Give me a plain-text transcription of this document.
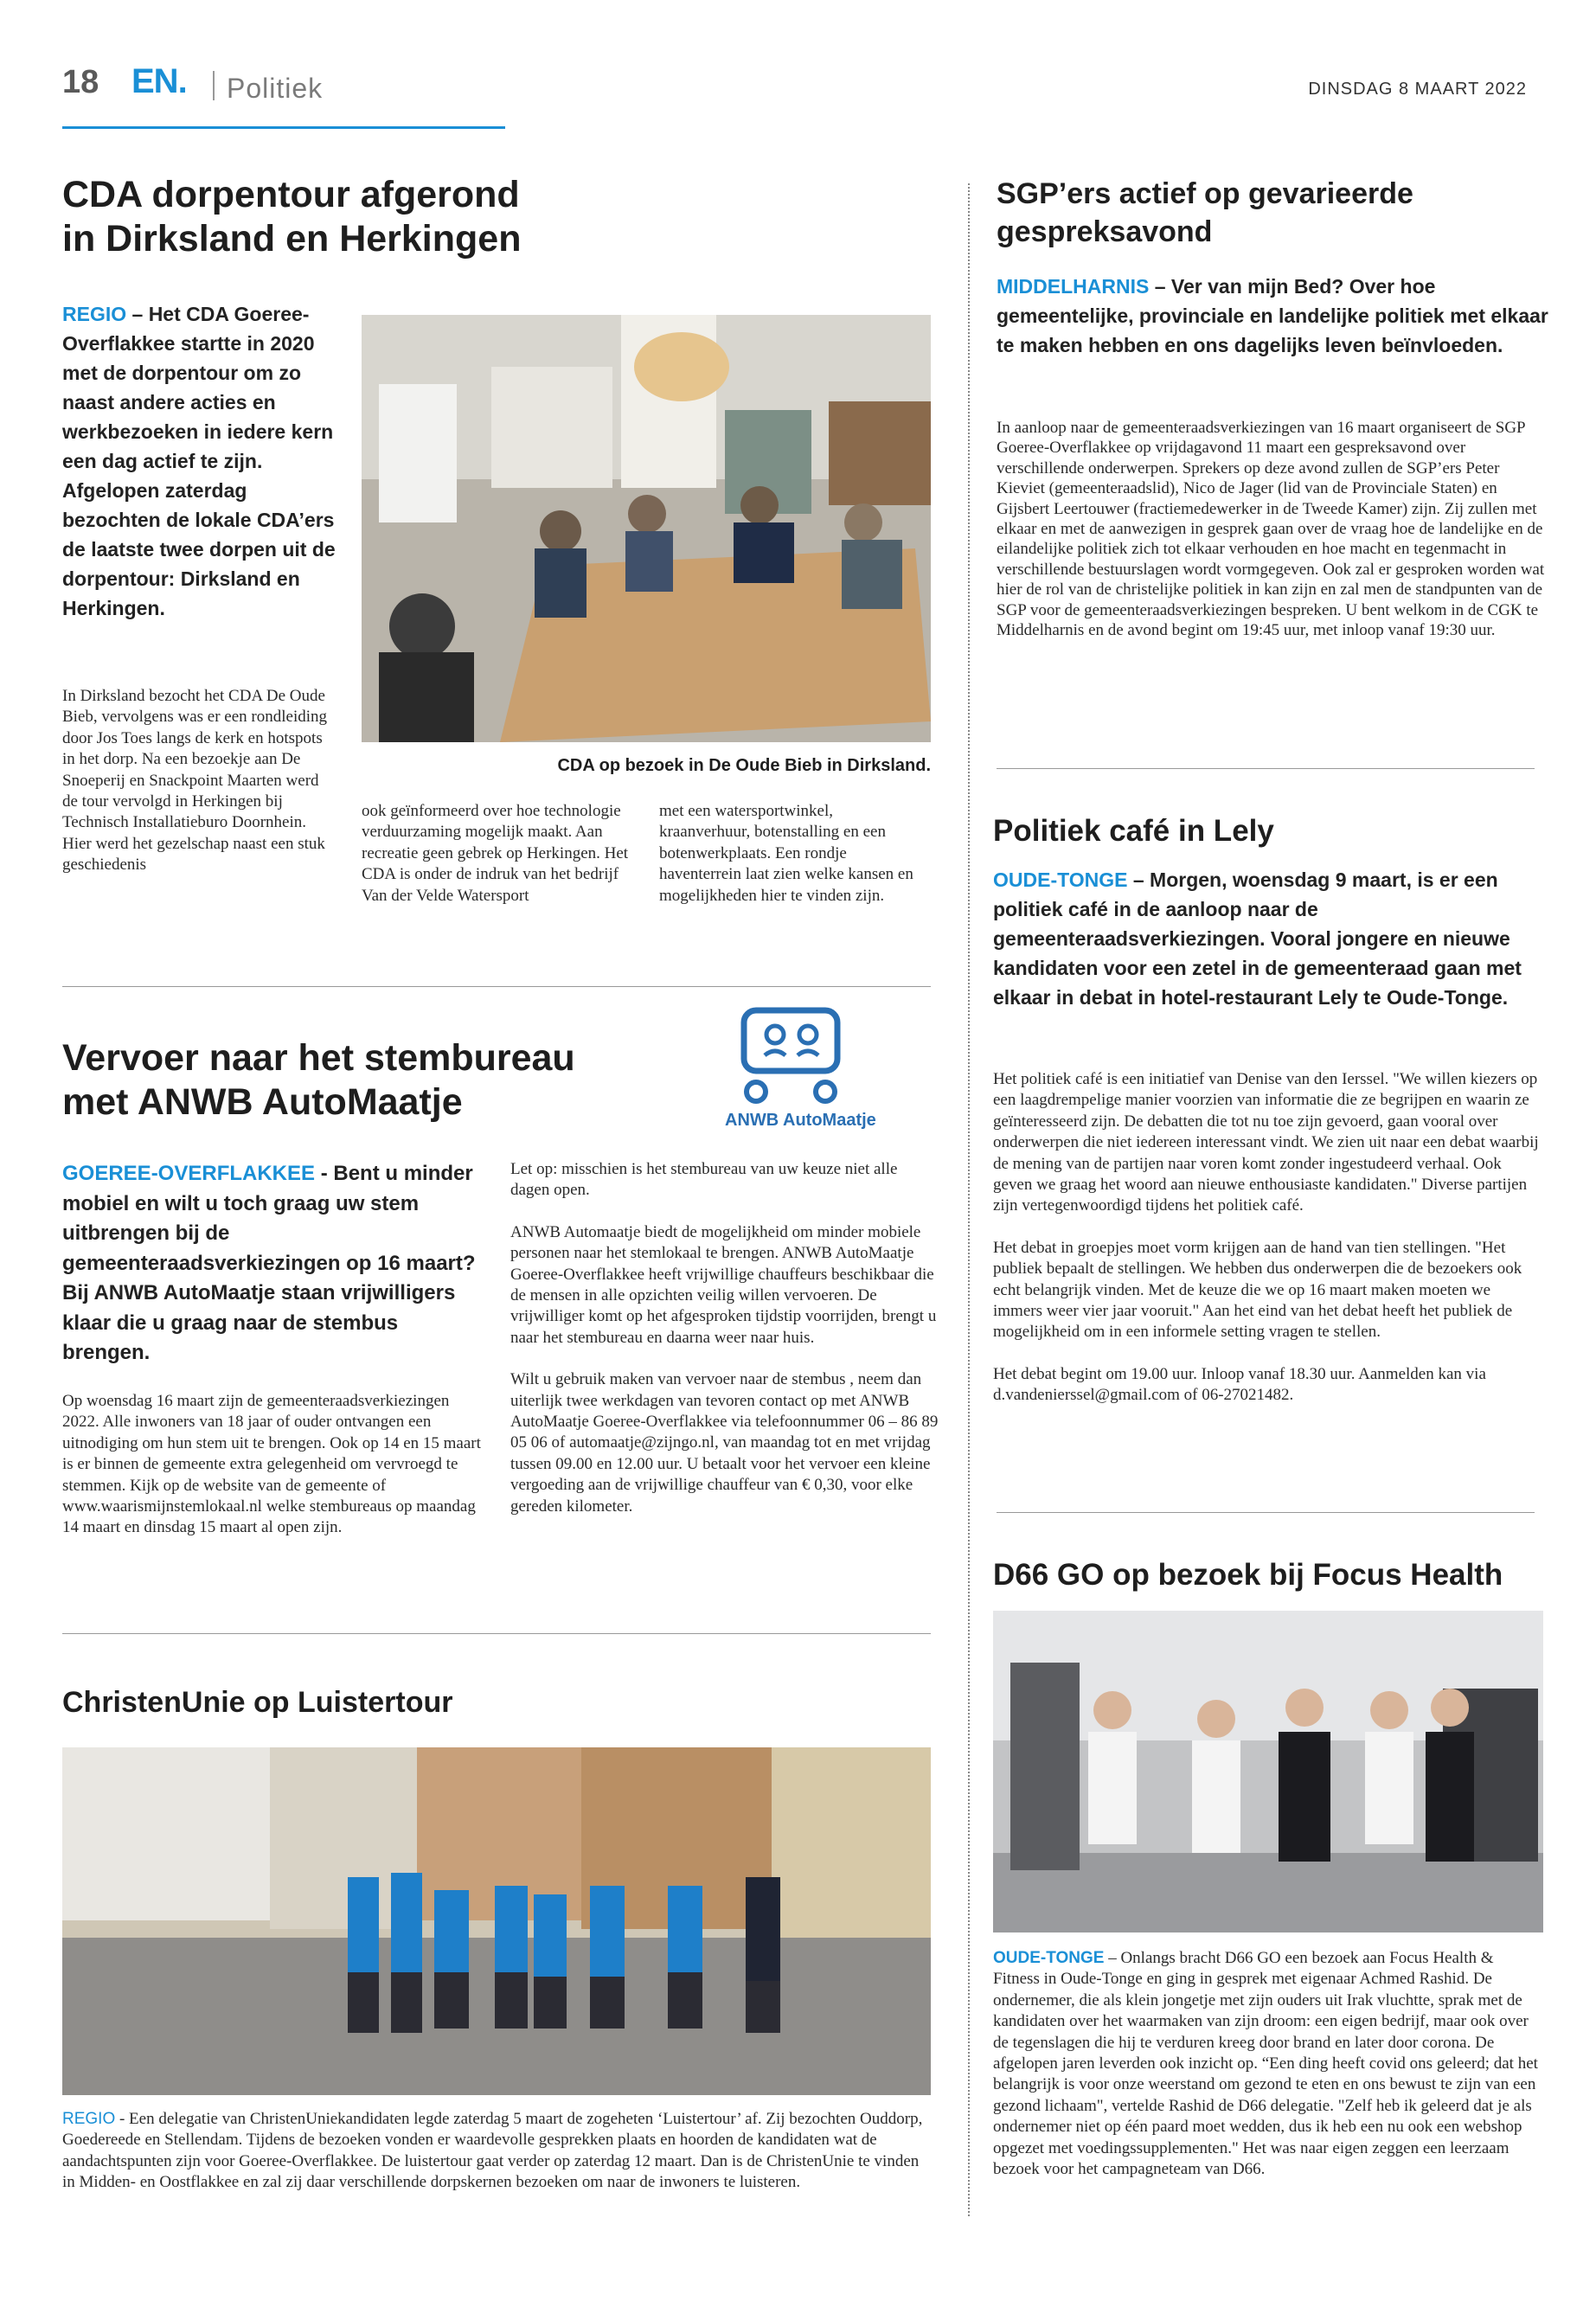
18 EN. Politiek	DINSDAG 8 MAART 2022
CDA dorpentour afgerond
in Dirksland en Herkingen
REGIO – Het CDA Goeree-Overflakkee startte in 2020 met de dorpentour om zo naast andere acties en werkbezoeken in iedere kern een dag actief te zijn. Afgelopen zaterdag bezochten de lokale CDA’ers de laatste twee dorpen uit de dorpentour: Dirksland en Herkingen.
CDA op bezoek in De Oude Bieb in Dirksland.
In Dirksland bezocht het CDA De Oude Bieb, vervolgens was er een rondleiding door Jos Toes langs de kerk en hotspots in het dorp. Na een bezoekje aan De Snoeperij en Snackpoint Maarten werd de tour vervolgd in Herkingen bij Technisch Installatieburo Doornhein. Hier werd het gezelschap naast een stuk geschiedenis
ook geïnformeerd over hoe technologie verduurzaming mogelijk maakt. Aan recreatie geen gebrek op Herkingen. Het CDA is onder de indruk van het bedrijf Van der Velde Watersport
met een watersportwinkel, kraanverhuur, botenstalling en een botenwerkplaats. Een rondje haventerrein laat zien welke kansen en mogelijkheden hier te vinden zijn.
Vervoer naar het stembureau
met ANWB AutoMaatje	ANWB AutoMaatje
GOEREE-OVERFLAKKEE - Bent u minder mobiel en wilt u toch graag uw stem uitbrengen bij de gemeenteraadsverkiezingen op 16 maart? Bij ANWB AutoMaatje staan vrijwilligers klaar die u graag naar de stembus brengen.
Op woensdag 16 maart zijn de gemeenteraadsverkiezingen 2022. Alle inwoners van 18 jaar of ouder ontvangen een uitnodiging om hun stem uit te brengen. Ook op 14 en 15 maart is er binnen de gemeente extra gelegenheid om vervroegd te stemmen. Kijk op de website van de gemeente of www.waarismijnstemlokaal.nl welke stembureaus op maandag 14 maart en dinsdag 15 maart al open zijn.

Let op: misschien is het stembureau van uw keuze niet alle dagen open.

ANWB Automaatje biedt de mogelijkheid om minder mobiele personen naar het stemlokaal te brengen. ANWB AutoMaatje Goeree-Overflakkee heeft vrijwillige chauffeurs beschikbaar die de mensen in alle opzichten veilig willen vervoeren. De vrijwilliger komt op het afgesproken tijdstip voorrijden, brengt u naar het stembureau en daarna weer naar huis.

Wilt u gebruik maken van vervoer naar de stembus , neem dan uiterlijk twee werkdagen van tevoren contact op met ANWB AutoMaatje Goeree-Overflakkee via telefoonnummer 06 – 86 89 05 06 of automaatje@zijngo.nl, van maandag tot en met vrijdag tussen 09.00 en 12.00 uur. U betaalt voor het vervoer een kleine vergoeding aan de vrijwillige chauffeur van € 0,30, voor elke gereden kilometer.

ChristenUnie op Luistertour
REGIO - Een delegatie van ChristenUniekandidaten legde zaterdag 5 maart de zogeheten ‘Luistertour’ af. Zij bezochten Ouddorp, Goedereede en Stellendam. Tijdens de bezoeken vonden er waardevolle gesprekken plaats en hoorden de kandidaten wat de aandachtspunten zijn voor Goeree-Overflakkee. De luistertour gaat verder op zaterdag 12 maart. Dan is de ChristenUnie te vinden in Midden- en Oostflakkee en zal zij daar verschillende dorpskernen bezoeken om naar de inwoners te luisteren.
SGP’ers actief op gevarieerde
gespreksavond
MIDDELHARNIS – Ver van mijn Bed? Over hoe gemeentelijke, provinciale en landelijke politiek met elkaar te maken hebben en ons dagelijks leven beïnvloeden.
In aanloop naar de gemeenteraadsverkiezingen van 16 maart organiseert de SGP Goeree-Overflakkee op vrijdagavond 11 maart een gespreksavond over verschillende onderwerpen. Sprekers op deze avond zullen de SGP’ers Peter Kieviet (gemeenteraadslid), Nico de Jager (lid van de Provinciale Staten) en Gijsbert Leertouwer (fractiemedewerker in de Tweede Kamer) zijn. Zij zullen met elkaar en met de aanwezigen in gesprek gaan over de vraag hoe de landelijke en de eilandelijke politiek zich tot elkaar verhouden en hoe macht en tegenmacht in verschillende bestuurslagen wordt vormgegeven. Ook zal er gesproken worden wat hier de rol van de christelijke politiek in kan zijn en zal men de standpunten van de SGP voor de gemeenteraadsverkiezingen bespreken. U bent welkom in de CGK te Middelharnis en de avond begint om 19:45 uur, met inloop vanaf 19:30 uur.
Politiek café in Lely
OUDE-TONGE – Morgen, woensdag 9 maart, is er een politiek café in de aanloop naar de gemeenteraadsverkiezingen. Vooral jongere en nieuwe kandidaten voor een zetel in de gemeenteraad gaan met elkaar in debat in hotel-restaurant Lely te Oude-Tonge.

Het politiek café is een initiatief van Denise van den Ierssel. "We willen kiezers op een laagdrempelige manier voorzien van informatie die ze begrijpen en waarin ze geïnteresseerd zijn. De debatten die tot nu toe zijn gevoerd, gaan vooral over onderwerpen die niet iedereen interessant vindt. We zien uit naar een debat waarbij de mening van de partijen naar voren komt zonder ingestudeerd verhaal. Ook geven we graag het woord aan nieuwe enthousiaste kandidaten." Diverse partijen zijn vertegenwoordigd tijdens het politiek café.

Het debat in groepjes moet vorm krijgen aan de hand van tien stellingen. "Het publiek bepaalt de stellingen. We hebben dus onderwerpen die de bezoekers ook echt belangrijk vinden. Met de keuze die we op 16 maart maken moeten we immers weer vier jaar vooruit." Aan het eind van het debat heeft het publiek de mogelijkheid om in een informele setting vragen te stellen.

Het debat begint om 19.00 uur. Inloop vanaf 18.30 uur. Aanmelden kan via d.vandenierssel@gmail.com of 06-27021482.

D66 GO op bezoek bij Focus Health
OUDE-TONGE – Onlangs bracht D66 GO een bezoek aan Focus Health & Fitness in Oude-Tonge en ging in gesprek met eigenaar Achmed Rashid. De ondernemer, die als klein jongetje met zijn ouders uit Irak vluchtte, sprak met de kandidaten over het waarmaken van zijn droom: een eigen bedrijf, maar ook over de tegenslagen die hij te verduren kreeg door brand en later door corona. De afgelopen jaren leverden ook inzicht op. “Een ding heeft covid ons geleerd; dat het belangrijk is voor onze weerstand om gezond te eten en ons bewust te zijn van een gezond lichaam", vertelde Rashid de D66 delegatie. "Zelf heb ik geleerd dat je als ondernemer niet op één paard moet wedden, dus ik heb een nu ook een webshop opgezet met voedingssupplementen." Het was naar eigen zeggen een leerzaam bezoek voor het campagneteam van D66.
